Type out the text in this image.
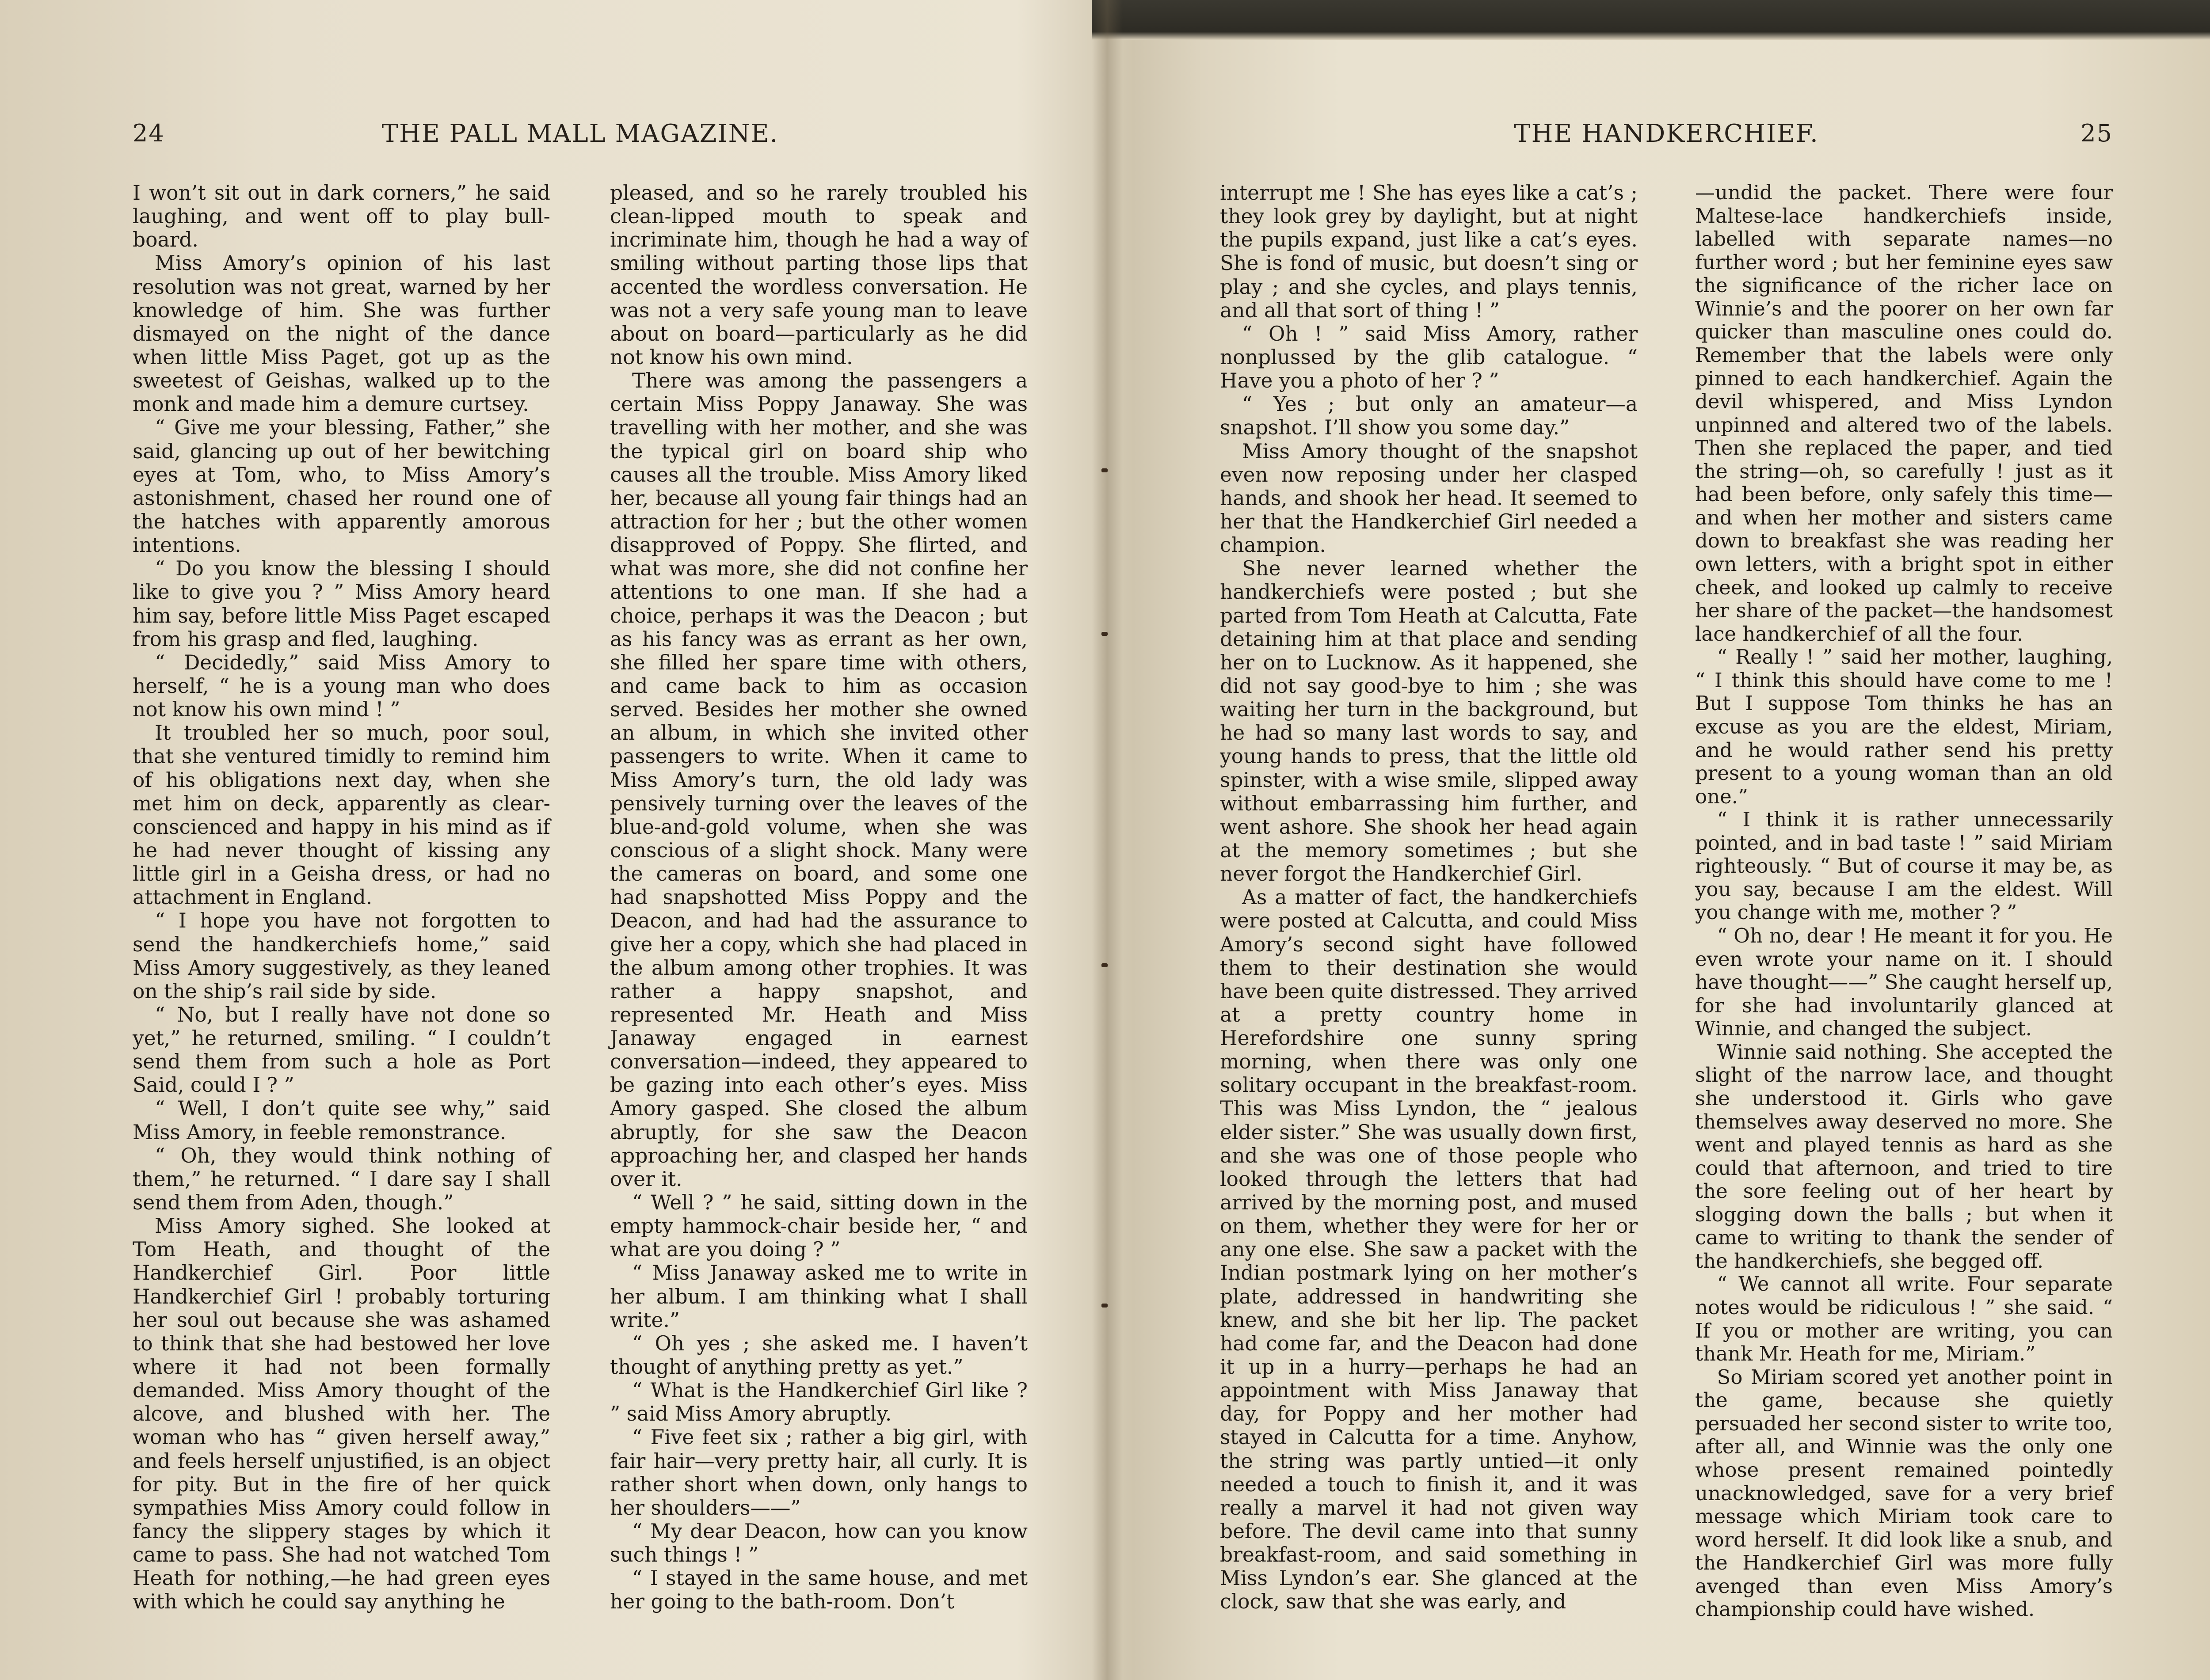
24	THE PALL MALL MAGAZINE.

I won’t sit out in dark corners,” he said laughing, and went off to play bull-board.

Miss Amory’s opinion of his last resolution was not great, warned by her knowledge of him. She was further dismayed on the night of the dance when little Miss Paget, got up as the sweetest of Geishas, walked up to the monk and made him a demure curtsey.

“ Give me your blessing, Father,” she said, glancing up out of her bewitching eyes at Tom, who, to Miss Amory’s astonishment, chased her round one of the hatches with apparently amorous intentions.

“ Do you know the blessing I should like to give you ? ” Miss Amory heard him say, before little Miss Paget escaped from his grasp and fled, laughing.

“ Decidedly,” said Miss Amory to herself, “ he is a young man who does not know his own mind ! ”

It troubled her so much, poor soul, that she ventured timidly to remind him of his obligations next day, when she met him on deck, apparently as clear-conscienced and happy in his mind as if he had never thought of kissing any little girl in a Geisha dress, or had no attachment in England.

“ I hope you have not forgotten to send the handkerchiefs home,” said Miss Amory suggestively, as they leaned on the ship’s rail side by side.

“ No, but I really have not done so yet,” he returned, smiling. “ I couldn’t send them from such a hole as Port Said, could I ? ”

“ Well, I don’t quite see why,” said Miss Amory, in feeble remonstrance.

“ Oh, they would think nothing of them,” he returned. “ I dare say I shall send them from Aden, though.”

Miss Amory sighed. She looked at Tom Heath, and thought of the Handkerchief Girl. Poor little Handkerchief Girl ! probably torturing her soul out because she was ashamed to think that she had bestowed her love where it had not been formally demanded. Miss Amory thought of the alcove, and blushed with her. The woman who has “ given herself away,” and feels herself unjustified, is an object for pity. But in the fire of her quick sympathies Miss Amory could follow in fancy the slippery stages by which it came to pass. She had not watched Tom Heath for nothing,—he had green eyes with which he could say anything he

pleased, and so he rarely troubled his clean-lipped mouth to speak and incriminate him, though he had a way of smiling without parting those lips that accented the wordless conversation. He was not a very safe young man to leave about on board—particularly as he did not know his own mind.

There was among the passengers a certain Miss Poppy Janaway. She was travelling with her mother, and she was the typical girl on board ship who causes all the trouble. Miss Amory liked her, because all young fair things had an attraction for her ; but the other women disapproved of Poppy. She flirted, and what was more, she did not confine her attentions to one man. If she had a choice, perhaps it was the Deacon ; but as his fancy was as errant as her own, she filled her spare time with others, and came back to him as occasion served. Besides her mother she owned an album, in which she invited other passengers to write. When it came to Miss Amory’s turn, the old lady was pensively turning over the leaves of the blue-and-gold volume, when she was conscious of a slight shock. Many were the cameras on board, and some one had snapshotted Miss Poppy and the Deacon, and had had the assurance to give her a copy, which she had placed in the album among other trophies. It was rather a happy snapshot, and represented Mr. Heath and Miss Janaway engaged in earnest conversation—indeed, they appeared to be gazing into each other’s eyes. Miss Amory gasped. She closed the album abruptly, for she saw the Deacon approaching her, and clasped her hands over it.

“ Well ? ” he said, sitting down in the empty hammock-chair beside her, “ and what are you doing ? ”

“ Miss Janaway asked me to write in her album. I am thinking what I shall write.”

“ Oh yes ; she asked me. I haven’t thought of anything pretty as yet.”

“ What is the Handkerchief Girl like ? ” said Miss Amory abruptly.

“ Five feet six ; rather a big girl, with fair hair—very pretty hair, all curly. It is rather short when down, only hangs to her shoulders——”

“ My dear Deacon, how can you know such things ! ”

“ I stayed in the same house, and met her going to the bath-room. Don’t

THE HANDKERCHIEF.	25

interrupt me ! She has eyes like a cat’s ; they look grey by daylight, but at night the pupils expand, just like a cat’s eyes. She is fond of music, but doesn’t sing or play ; and she cycles, and plays tennis, and all that sort of thing ! ”

“ Oh ! ” said Miss Amory, rather nonplussed by the glib catalogue. “ Have you a photo of her ? ”

“ Yes ; but only an amateur—a snapshot. I’ll show you some day.”

Miss Amory thought of the snapshot even now reposing under her clasped hands, and shook her head. It seemed to her that the Handkerchief Girl needed a champion.

She never learned whether the handkerchiefs were posted ; but she parted from Tom Heath at Calcutta, Fate detaining him at that place and sending her on to Lucknow. As it happened, she did not say good-bye to him ; she was waiting her turn in the background, but he had so many last words to say, and young hands to press, that the little old spinster, with a wise smile, slipped away without embarrassing him further, and went ashore. She shook her head again at the memory sometimes ; but she never forgot the Handkerchief Girl.

As a matter of fact, the handkerchiefs were posted at Calcutta, and could Miss Amory’s second sight have followed them to their destination she would have been quite distressed. They arrived at a pretty country home in Herefordshire one sunny spring morning, when there was only one solitary occupant in the breakfast-room. This was Miss Lyndon, the “ jealous elder sister.” She was usually down first, and she was one of those people who looked through the letters that had arrived by the morning post, and mused on them, whether they were for her or any one else. She saw a packet with the Indian postmark lying on her mother’s plate, addressed in handwriting she knew, and she bit her lip. The packet had come far, and the Deacon had done it up in a hurry—perhaps he had an appointment with Miss Janaway that day, for Poppy and her mother had stayed in Calcutta for a time. Anyhow, the string was partly untied—it only needed a touch to finish it, and it was really a marvel it had not given way before. The devil came into that sunny breakfast-room, and said something in Miss Lyndon’s ear. She glanced at the clock, saw that she was early, and

—undid the packet. There were four Maltese-lace handkerchiefs inside, labelled with separate names—no further word ; but her feminine eyes saw the significance of the richer lace on Winnie’s and the poorer on her own far quicker than masculine ones could do. Remember that the labels were only pinned to each handkerchief. Again the devil whispered, and Miss Lyndon unpinned and altered two of the labels. Then she replaced the paper, and tied the string—oh, so carefully ! just as it had been before, only safely this time—and when her mother and sisters came down to breakfast she was reading her own letters, with a bright spot in either cheek, and looked up calmly to receive her share of the packet—the handsomest lace handkerchief of all the four.

“ Really ! ” said her mother, laughing, “ I think this should have come to me ! But I suppose Tom thinks he has an excuse as you are the eldest, Miriam, and he would rather send his pretty present to a young woman than an old one.”

“ I think it is rather unnecessarily pointed, and in bad taste ! ” said Miriam righteously. “ But of course it may be, as you say, because I am the eldest. Will you change with me, mother ? ”

“ Oh no, dear ! He meant it for you. He even wrote your name on it. I should have thought——” She caught herself up, for she had involuntarily glanced at Winnie, and changed the subject.

Winnie said nothing. She accepted the slight of the narrow lace, and thought she understood it. Girls who gave themselves away deserved no more. She went and played tennis as hard as she could that afternoon, and tried to tire the sore feeling out of her heart by slogging down the balls ; but when it came to writing to thank the sender of the handkerchiefs, she begged off.

“ We cannot all write. Four separate notes would be ridiculous ! ” she said. “ If you or mother are writing, you can thank Mr. Heath for me, Miriam.”

So Miriam scored yet another point in the game, because she quietly persuaded her second sister to write too, after all, and Winnie was the only one whose present remained pointedly unacknowledged, save for a very brief message which Miriam took care to word herself. It did look like a snub, and the Handkerchief Girl was more fully avenged than even Miss Amory’s championship could have wished.
